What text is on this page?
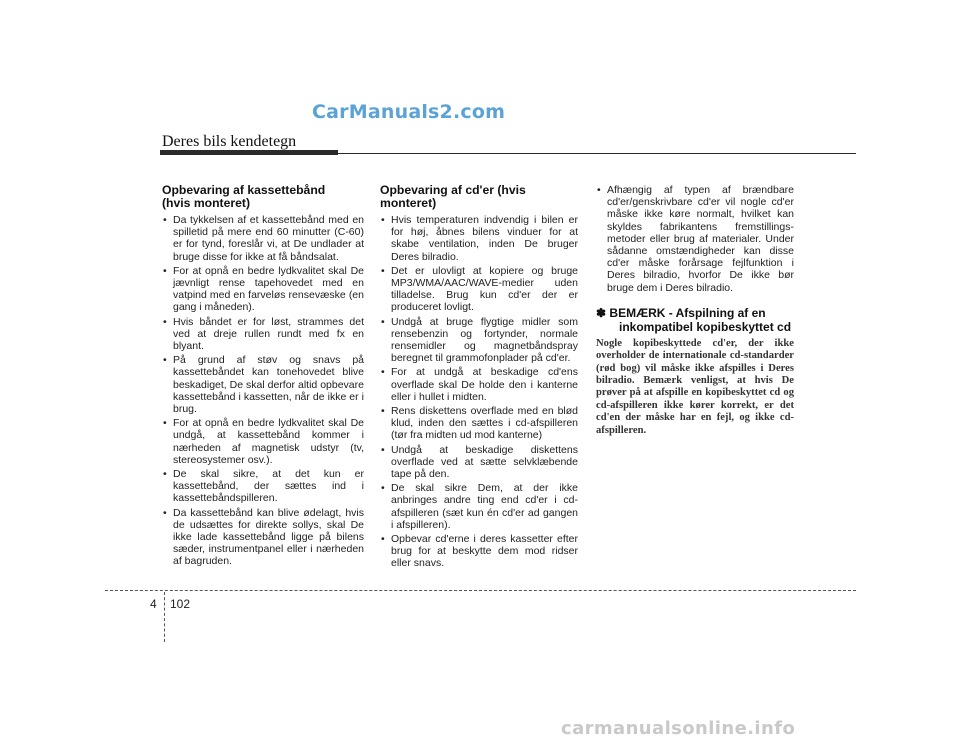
CarManuals2.com
Deres bils kendetegn
Opbevaring af kassettebånd
(hvis monteret)
• Da tykkelsen af et kassettebånd med en spilletid på mere end 60 minutter (C-60) er for tynd, foreslår vi, at De undlader at bruge disse for ikke at få båndsalat.
• For at opnå en bedre lydkvalitet skal De jævnligt rense tapehovedet med en vatpind med en farveløs rensevæske (en gang i måneden).
• Hvis båndet er for løst, strammes det ved at dreje rullen rundt med fx en blyant.
• På grund af støv og snavs på kassettebåndet kan tonehovedet blive beskadiget, De skal derfor altid opbevare kassettebånd i kassetten, når de ikke er i brug.
• For at opnå en bedre lydkvalitet skal De undgå, at kassettebånd kommer i nærheden af magnetisk udstyr (tv, stereosystemer osv.).
• De skal sikre, at det kun er kassettebånd, der sættes ind i kassettebåndspilleren.
• Da kassettebånd kan blive ødelagt, hvis de udsættes for direkte sollys, skal De ikke lade kassettebånd ligge på bilens sæder, instrumentpanel eller i nærheden af bagruden.
Opbevaring af cd'er (hvis monteret)
• Hvis temperaturen indvendig i bilen er for høj, åbnes bilens vinduer for at skabe ventilation, inden De bruger Deres bilradio.
• Det er ulovligt at kopiere og bruge MP3/WMA/AAC/WAVE-medier uden tilladelse. Brug kun cd'er der er produceret lovligt.
• Undgå at bruge flygtige midler som rensebenzin og fortynder, normale rensemidler og magnetbåndspray beregnet til grammofonplader på cd'er.
• For at undgå at beskadige cd'ens overflade skal De holde den i kanterne eller i hullet i midten.
• Rens diskettens overflade med en blød klud, inden den sættes i cd-afspilleren (tør fra midten ud mod kanterne)
• Undgå at beskadige diskettens overflade ved at sætte selvklæbende tape på den.
• De skal sikre Dem, at der ikke anbringes andre ting end cd'er i cd-afspilleren (sæt kun én cd'er ad gangen i afspilleren).
• Opbevar cd'erne i deres kassetter efter brug for at beskytte dem mod ridser eller snavs.
• Afhængig af typen af brændbare cd'er/genskrivbare cd'er vil nogle cd'er måske ikke køre normalt, hvilket kan skyldes fabrikantens fremstillings-metoder eller brug af materialer. Under sådanne omstændigheder kan disse cd'er måske forårsage fejlfunktion i Deres bilradio, hvorfor De ikke bør bruge dem i Deres bilradio.
✽ BEMÆRK - Afspilning af en
inkompatibel kopibeskyttet cd
Nogle kopibeskyttede cd'er, der ikke overholder de internationale cd-standarder (rød bog) vil måske ikke afspilles i Deres bilradio. Bemærk venligst, at hvis De prøver på at afspille en kopibeskyttet cd og cd-afspilleren ikke kører korrekt, er det cd'en der måske har en fejl, og ikke cd-afspilleren.
4 102
carmanualsonline.info
